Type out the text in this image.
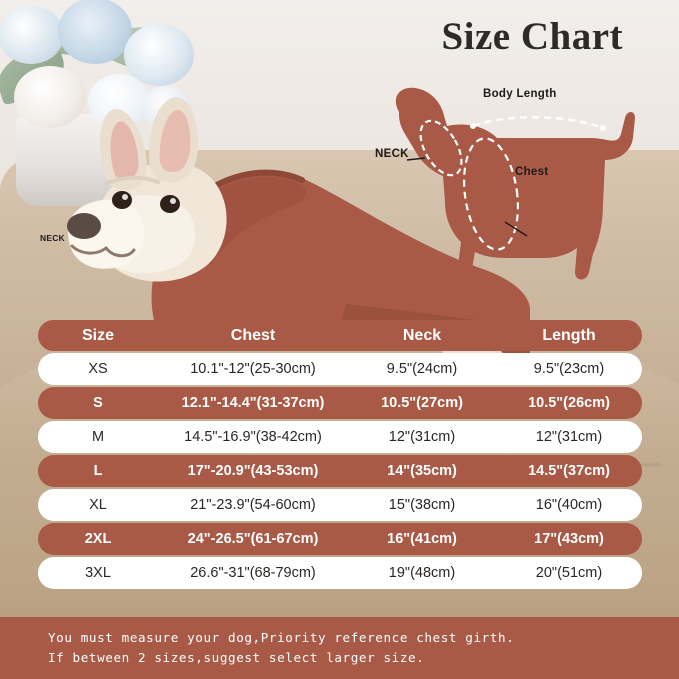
NECK
Size Chart
Body Length
NECK
Chest
Size	Chest	Neck	Length
XS	10.1"-12"(25-30cm)	9.5"(24cm)	9.5"(23cm)
S	12.1"-14.4"(31-37cm)	10.5"(27cm)	10.5"(26cm)
M	14.5"-16.9"(38-42cm)	12"(31cm)	12"(31cm)
L	17"-20.9"(43-53cm)	14"(35cm)	14.5"(37cm)
XL	21"-23.9"(54-60cm)	15"(38cm)	16"(40cm)
2XL	24"-26.5"(61-67cm)	16"(41cm)	17"(43cm)
3XL	26.6"-31"(68-79cm)	19"(48cm)	20"(51cm)
You must measure your dog,Priority reference chest girth.
If between 2 sizes,suggest select larger size.
